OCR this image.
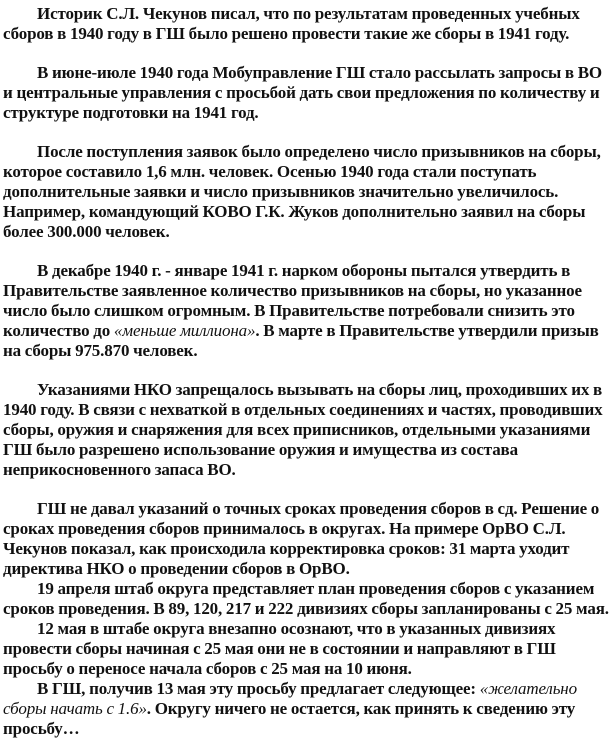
Историк С.Л. Чекунов писал, что по результатам проведенных учебных сборов в 1940 году в ГШ было решено провести такие же сборы в 1941 году.

В июне-июле 1940 года Мобуправление ГШ стало рассылать запросы в ВО и центральные управления с просьбой дать свои предложения по количеству и структуре подготовки на 1941 год.

После поступления заявок было определено число призывников на сборы, которое составило 1,6 млн. человек. Осенью 1940 года стали поступать дополнительные заявки и число призывников значительно увеличилось. Например, командующий КОВО Г.К. Жуков дополнительно заявил на сборы более 300.000 человек.

В декабре 1940 г. - январе 1941 г. нарком обороны пытался утвердить в Правительстве заявленное количество призывников на сборы, но указанное число было слишком огромным. В Правительстве потребовали снизить это количество до «меньше миллиона». В марте в Правительстве утвердили призыв на сборы 975.870 человек.

Указаниями НКО запрещалось вызывать на сборы лиц, проходивших их в 1940 году. В связи с нехваткой в отдельных соединениях и частях, проводивших сборы, оружия и снаряжения для всех приписников, отдельными указаниями ГШ было разрешено использование оружия и имущества из состава неприкосновенного запаса ВО.

ГШ не давал указаний о точных сроках проведения сборов в сд. Решение о сроках проведения сборов принималось в округах. На примере ОрВО С.Л. Чекунов показал, как происходила корректировка сроков: 31 марта уходит директива НКО о проведении сборов в ОрВО.

19 апреля штаб округа представляет план проведения сборов с указанием сроков проведения. В 89, 120, 217 и 222 дивизиях сборы запланированы с 25 мая.

12 мая в штабе округа внезапно осознают, что в указанных дивизиях провести сборы начиная с 25 мая они не в состоянии и направляют в ГШ просьбу о переносе начала сборов с 25 мая на 10 июня.

В ГШ, получив 13 мая эту просьбу предлагает следующее: «желательно сборы начать с 1.6». Округу ничего не остается, как принять к сведению эту просьбу…
